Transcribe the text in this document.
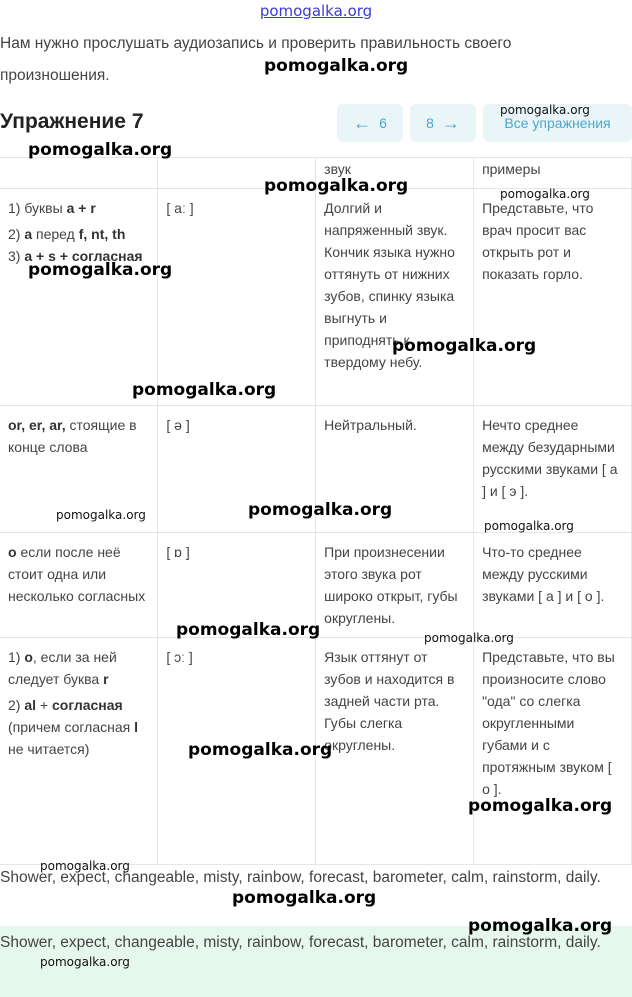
pomogalka.org
Нам нужно прослушать аудиозапись и проверить правильность своего произношения.
Упражнение 7	← 6	8 →	Все упражнения
		звук	примеры

1) буквы a + r
2) a перед f, nt, th
3) a + s + согласная	[ aː ]	Долгий и напряженный звук. Кончик языка нужно оттянуть от нижних зубов, спинку языка выгнуть и приподнять к твердому небу.	Представьте, что врач просит вас открыть рот и показать горло.
or, er, ar, стоящие в конце слова	[ ə ]	Нейтральный.	Нечто среднее между безударными русскими звуками [ а ] и [ э ].
o если после неё стоит одна или несколько согласных	[ ɒ ]	При произнесении этого звука рот широко открыт, губы округлены.	Что-то среднее между русскими звуками [ а ] и [ о ].

1) o, если за ней следует буква r
2) al + согласная (причем согласная l не читается)	[ ɔː ]	Язык оттянут от зубов и находится в задней части рта. Губы слегка округлены.	Представьте, что вы произносите слово "ода" со слегка округленными губами и с протяжным звуком [ о ].
Shower, expect, changeable, misty, rainbow, forecast, barometer, calm, rainstorm, daily.
Shower, expect, changeable, misty, rainbow, forecast, barometer, calm, rainstorm, daily.
pomogalka.org
pomogalka.org
pomogalka.org
pomogalka.org	pomogalka.org
pomogalka.org
pomogalka.org
pomogalka.org
pomogalka.org
pomogalka.org
pomogalka.org
pomogalka.org	pomogalka.org
pomogalka.org
pomogalka.org
pomogalka.org
pomogalka.org
pomogalka.org
pomogalka.org
